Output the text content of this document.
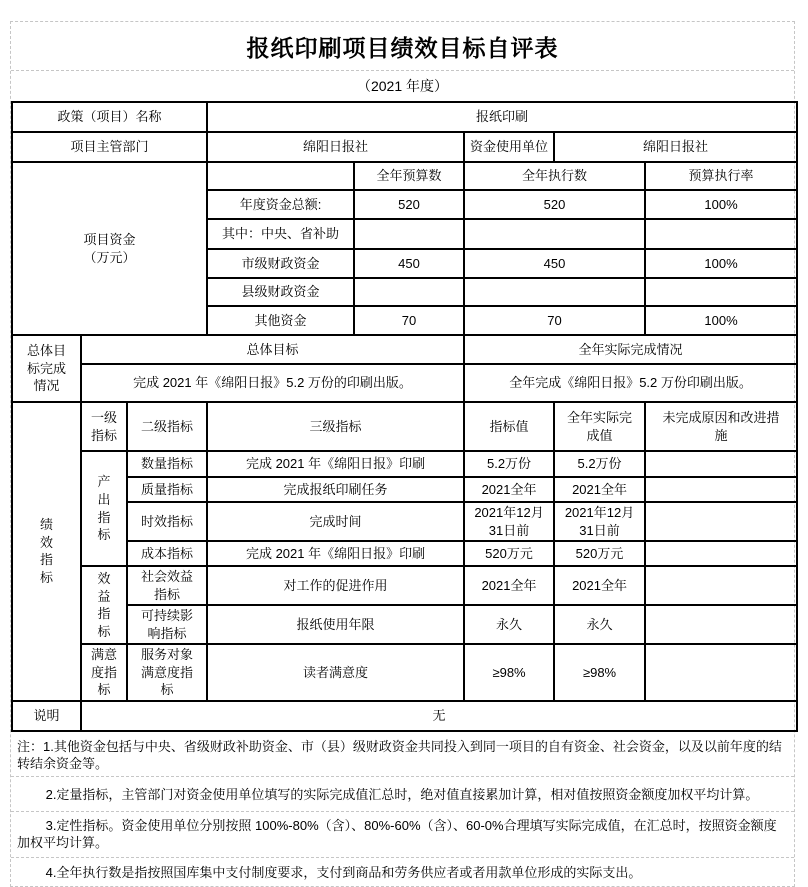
报纸印刷项目绩效目标自评表
（2021 年度）
政策（项目）名称			报纸印刷				
项目主管部门			绵阳日报社		资金使用单位	绵阳日报社	

项目资金（万元）				全年预算数	全年执行数		预算执行率
			年度资金总额:	520	520		100%
			其中：中央、省补助				
			市级财政资金	450	450		100%
			县级财政资金				
			其他资金	70	70		100%

总体目标完成情况	总体目标				全年实际完成情况		
	完成 2021 年《绵阳日报》5.2 万份的印刷出版。				全年完成《绵阳日报》5.2 万份印刷出版。		

绩效指标	一级指标	二级指标	三级指标		指标值	全年实际完成值	未完成原因和改进措施

	产出指标	数量指标	完成 2021 年《绵阳日报》印刷		5.2万份	5.2万份	
		质量指标	完成报纸印刷任务		2021全年	2021全年	
		时效指标	完成时间		2021年12月31日前	2021年12月31日前	
		成本指标	完成 2021 年《绵阳日报》印刷		520万元	520万元	

	效益指标	社会效益指标	对工作的促进作用		2021全年	2021全年	

		可持续影响指标	报纸使用年限		永久	永久	

	满意度指标	服务对象满意度指标	读者满意度		≥98%	≥98%	
说明	无						
注：1.其他资金包括与中央、省级财政补助资金、市（县）级财政资金共同投入到同一项目的自有资金、社会资金，以及以前年度的结转结余资金等。
2.定量指标，主管部门对资金使用单位填写的实际完成值汇总时，绝对值直接累加计算，相对值按照资金额度加权平均计算。
3.定性指标。资金使用单位分别按照 100%-80%（含）、80%-60%（含）、60-0%合理填写实际完成值，在汇总时，按照资金额度加权平均计算。
4.全年执行数是指按照国库集中支付制度要求，支付到商品和劳务供应者或者用款单位形成的实际支出。
